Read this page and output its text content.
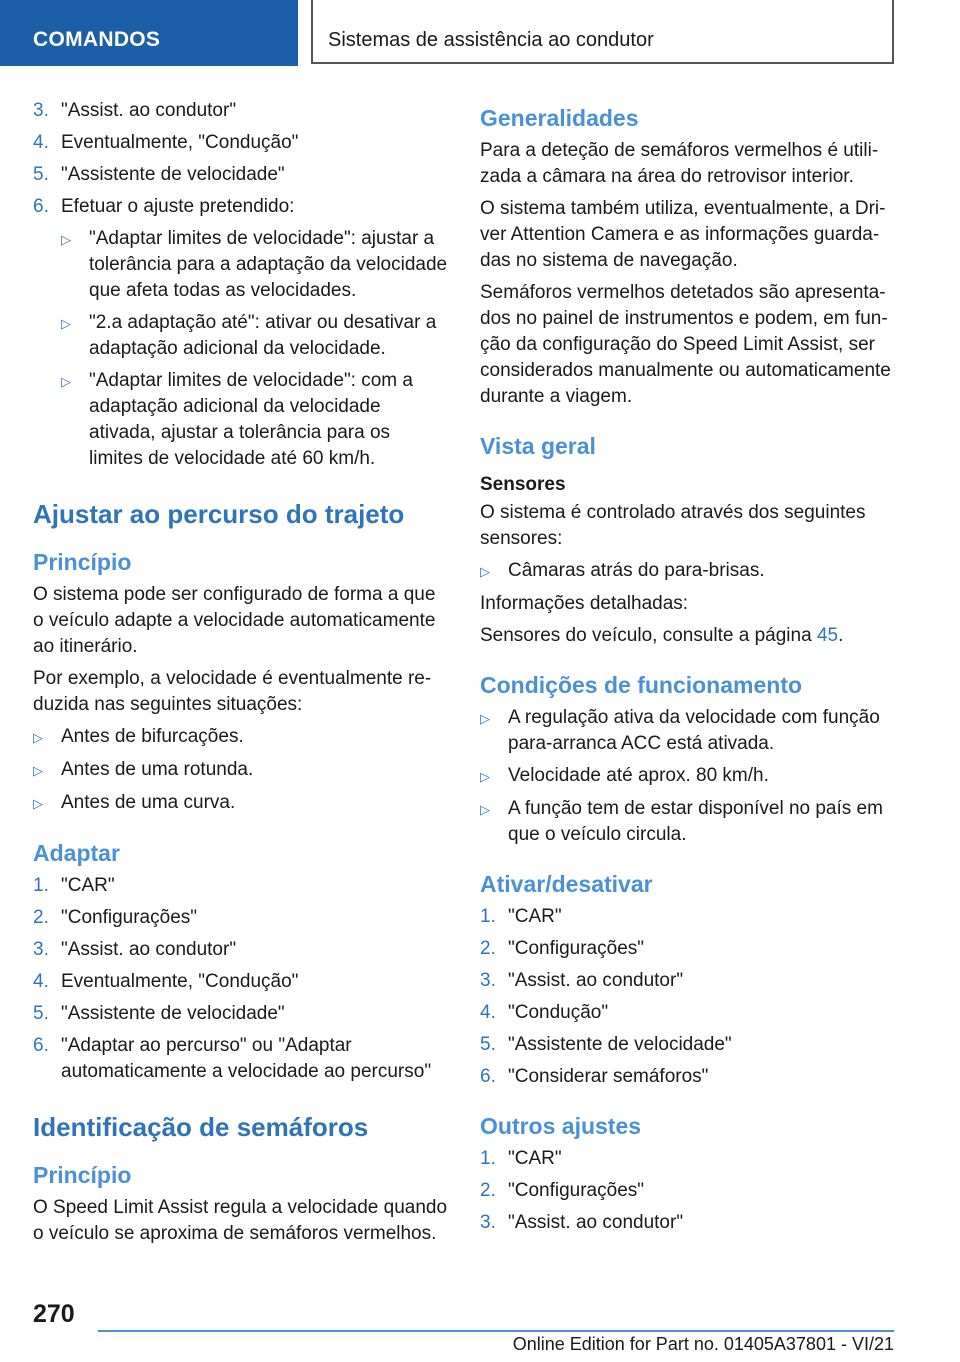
COMANDOS	Sistemas de assistência ao condutor
3. "Assist. ao condutor"
4. Eventualmente, "Condução"
5. "Assistente de velocidade"
6. Efetuar o ajuste pretendido:
▷ "Adaptar limites de velocidade": ajustar a tolerância para a adaptação da velocidade que afeta todas as velocidades.
▷ "2.a adaptação até": ativar ou desativar a adaptação adicional da velocidade.
▷ "Adaptar limites de velocidade": com a adaptação adicional da velocidade ativada, ajustar a tolerância para os limites de velocidade até 60 km/h.
Ajustar ao percurso do trajeto
Princípio
O sistema pode ser configurado de forma a que o veículo adapte a velocidade automaticamente ao itinerário.
Por exemplo, a velocidade é eventualmente reduzida nas seguintes situações:
▷ Antes de bifurcações.
▷ Antes de uma rotunda.
▷ Antes de uma curva.
Adaptar
1. "CAR"
2. "Configurações"
3. "Assist. ao condutor"
4. Eventualmente, "Condução"
5. "Assistente de velocidade"
6. "Adaptar ao percurso" ou "Adaptar automaticamente a velocidade ao percurso"
Identificação de semáforos
Princípio
O Speed Limit Assist regula a velocidade quando o veículo se aproxima de semáforos vermelhos.
Generalidades
Para a deteção de semáforos vermelhos é utilizada a câmara na área do retrovisor interior.
O sistema também utiliza, eventualmente, a Driver Attention Camera e as informações guardadas no sistema de navegação.
Semáforos vermelhos detetados são apresentados no painel de instrumentos e podem, em função da configuração do Speed Limit Assist, ser considerados manualmente ou automaticamente durante a viagem.
Vista geral
Sensores
O sistema é controlado através dos seguintes sensores:
▷ Câmaras atrás do para-brisas.
Informações detalhadas:
Sensores do veículo, consulte a página 45.
Condições de funcionamento
▷ A regulação ativa da velocidade com função para-arranca ACC está ativada.
▷ Velocidade até aprox. 80 km/h.
▷ A função tem de estar disponível no país em que o veículo circula.
Ativar/desativar
1. "CAR"
2. "Configurações"
3. "Assist. ao condutor"
4. "Condução"
5. "Assistente de velocidade"
6. "Considerar semáforos"
Outros ajustes
1. "CAR"
2. "Configurações"
3. "Assist. ao condutor"
270
Online Edition for Part no. 01405A37801 - VI/21
